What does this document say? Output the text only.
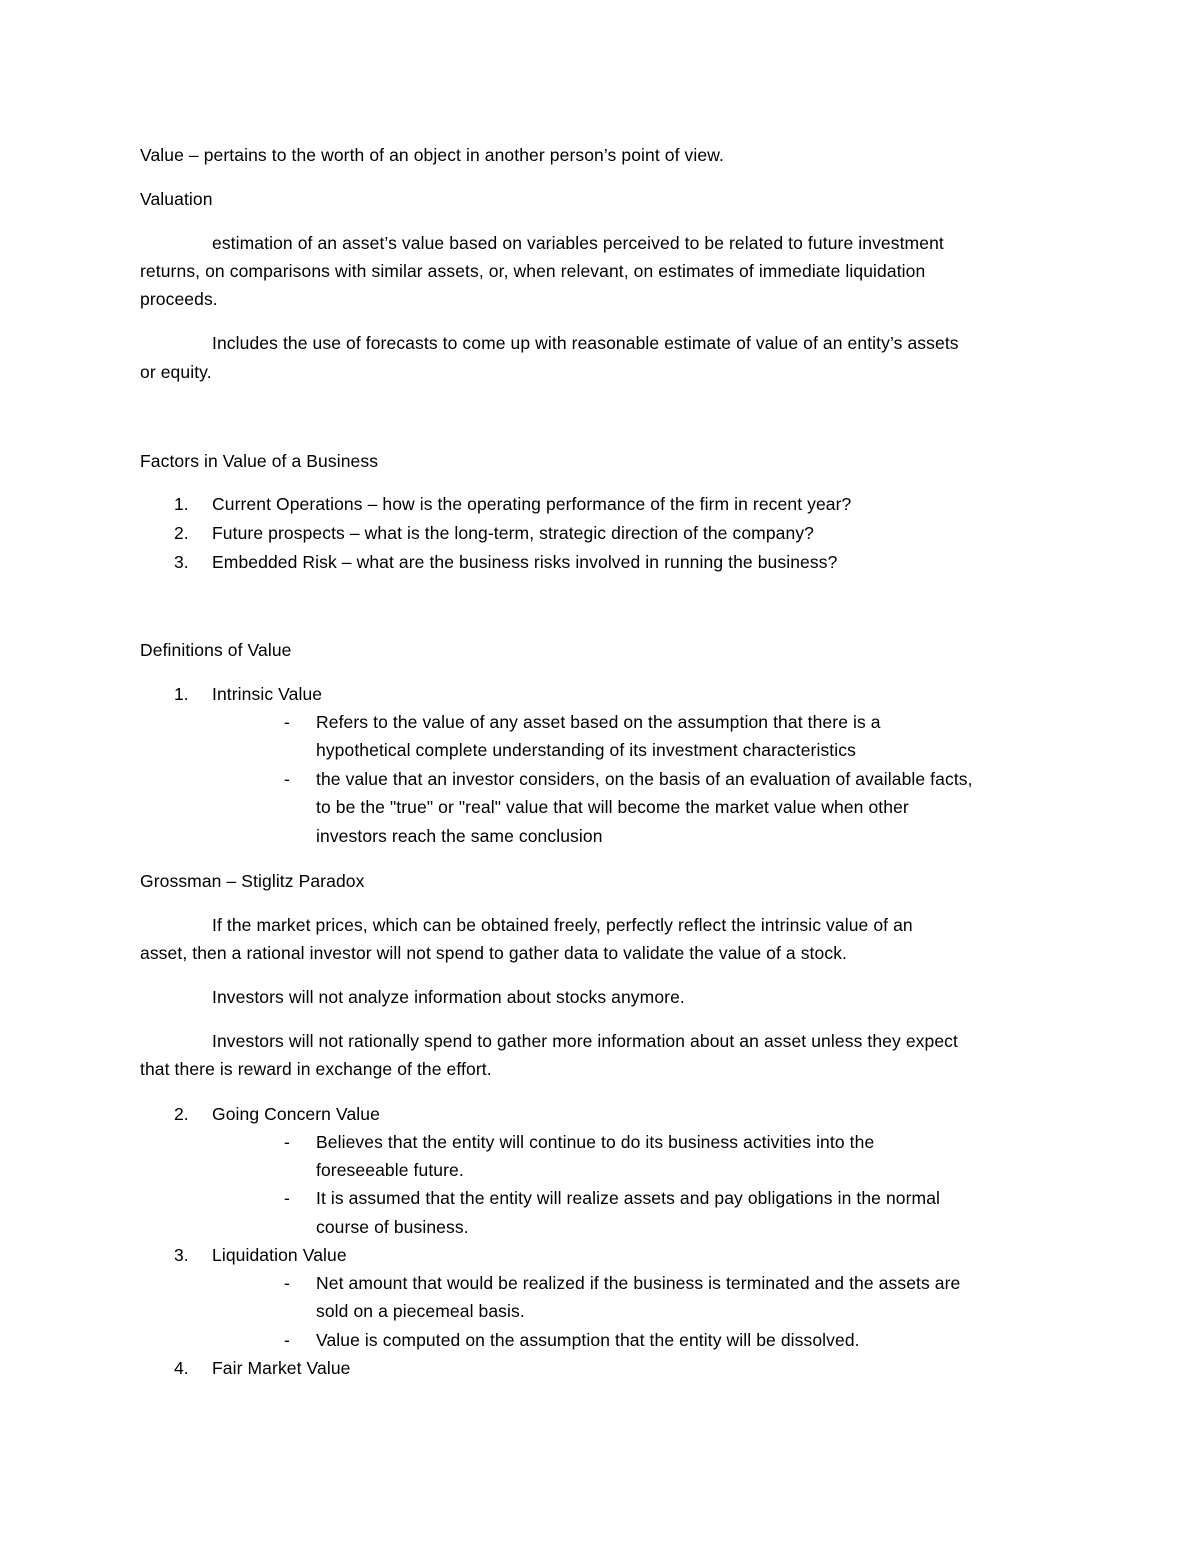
Value – pertains to the worth of an object in another person’s point of view.
Valuation
estimation of an asset’s value based on variables perceived to be related to future investment
returns, on comparisons with similar assets, or, when relevant, on estimates of immediate liquidation
proceeds.
Includes the use of forecasts to come up with reasonable estimate of value of an entity’s assets
or equity.
Factors in Value of a Business
1. Current Operations – how is the operating performance of the firm in recent year?
2. Future prospects – what is the long-term, strategic direction of the company?
3. Embedded Risk – what are the business risks involved in running the business?
Definitions of Value
1. Intrinsic Value
- Refers to the value of any asset based on the assumption that there is a
hypothetical complete understanding of its investment characteristics
- the value that an investor considers, on the basis of an evaluation of available facts,
to be the "true" or "real" value that will become the market value when other
investors reach the same conclusion
Grossman – Stiglitz Paradox
If the market prices, which can be obtained freely, perfectly reflect the intrinsic value of an
asset, then a rational investor will not spend to gather data to validate the value of a stock.
Investors will not analyze information about stocks anymore.
Investors will not rationally spend to gather more information about an asset unless they expect
that there is reward in exchange of the effort.
2. Going Concern Value
- Believes that the entity will continue to do its business activities into the
foreseeable future.
- It is assumed that the entity will realize assets and pay obligations in the normal
course of business.
3. Liquidation Value
- Net amount that would be realized if the business is terminated and the assets are
sold on a piecemeal basis.
- Value is computed on the assumption that the entity will be dissolved.
4. Fair Market Value
